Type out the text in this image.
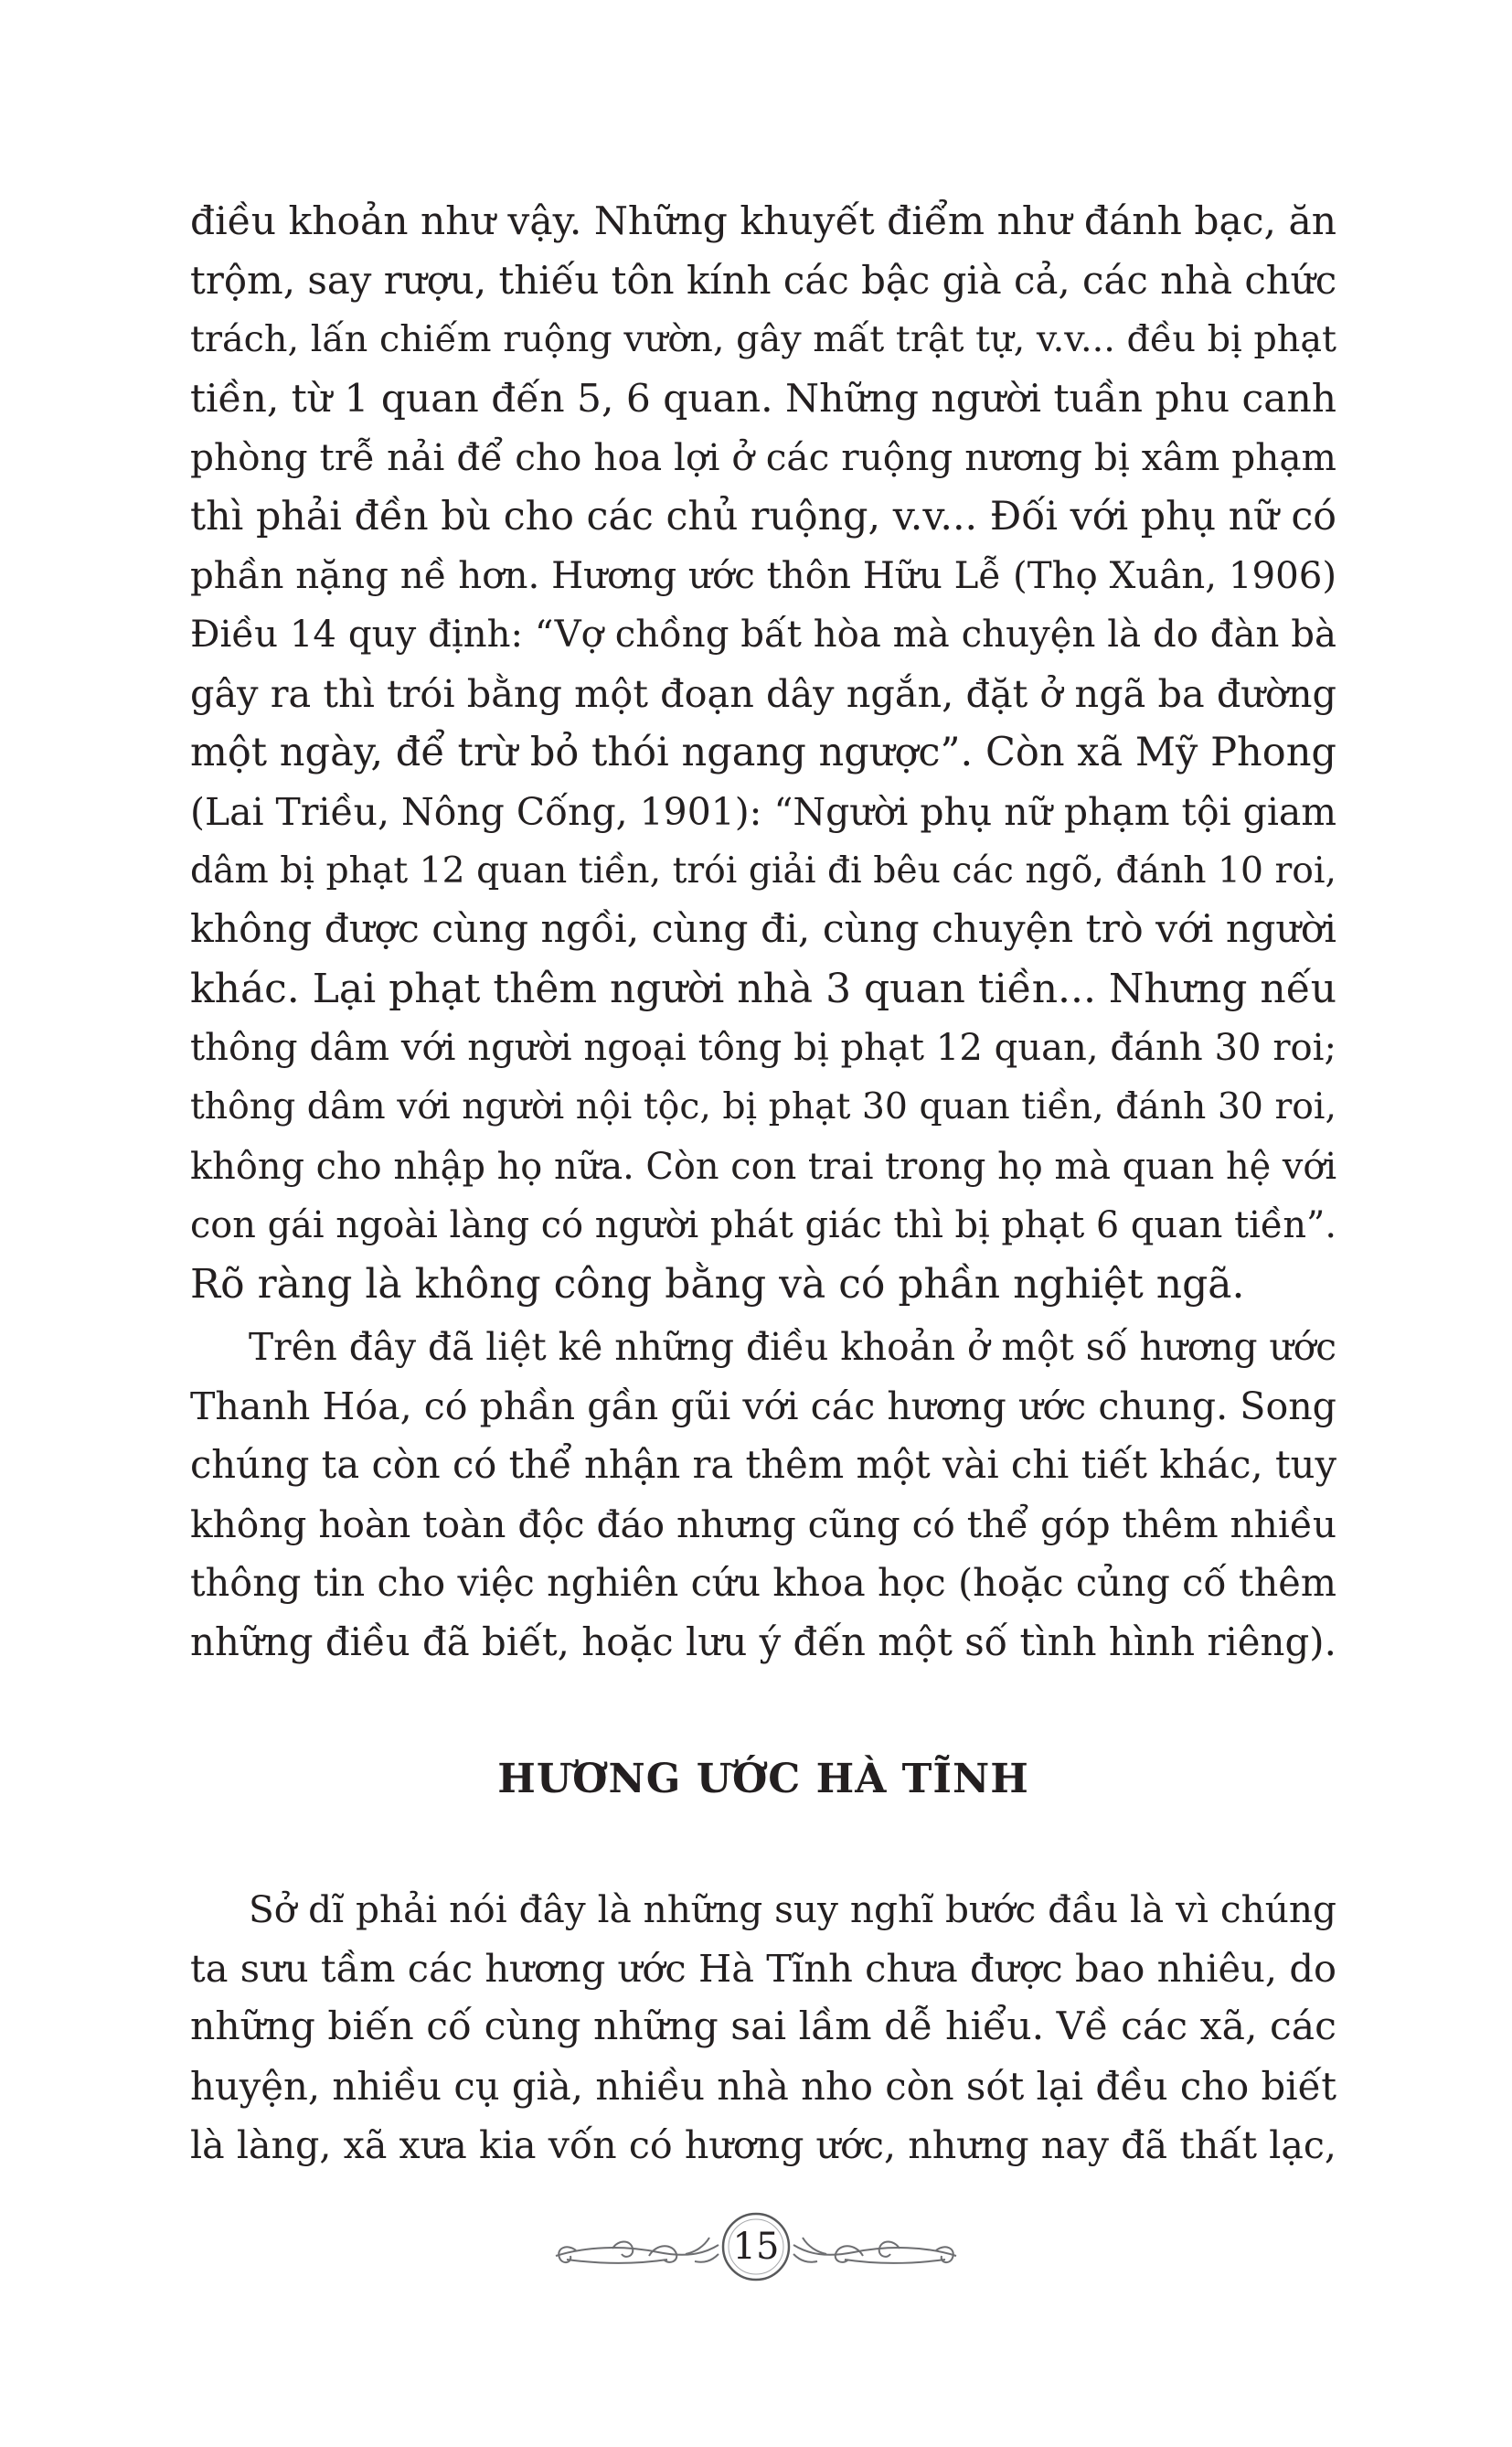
điều khoản như vậy. Những khuyết điểm như đánh bạc, ăn
trộm, say rượu, thiếu tôn kính các bậc già cả, các nhà chức
trách, lấn chiếm ruộng vườn, gây mất trật tự, v.v... đều bị phạt
tiền, từ 1 quan đến 5, 6 quan. Những người tuần phu canh
phòng trễ nải để cho hoa lợi ở các ruộng nương bị xâm phạm
thì phải đền bù cho các chủ ruộng, v.v... Đối với phụ nữ có
phần nặng nề hơn. Hương ước thôn Hữu Lễ (Thọ Xuân, 1906)
Điều 14 quy định: “Vợ chồng bất hòa mà chuyện là do đàn bà
gây ra thì trói bằng một đoạn dây ngắn, đặt ở ngã ba đường
một ngày, để trừ bỏ thói ngang ngược”. Còn xã Mỹ Phong
(Lai Triều, Nông Cống, 1901): “Người phụ nữ phạm tội giam
dâm bị phạt 12 quan tiền, trói giải đi bêu các ngõ, đánh 10 roi,
không được cùng ngồi, cùng đi, cùng chuyện trò với người
khác. Lại phạt thêm người nhà 3 quan tiền... Nhưng nếu
thông dâm với người ngoại tông bị phạt 12 quan, đánh 30 roi;
thông dâm với người nội tộc, bị phạt 30 quan tiền, đánh 30 roi,
không cho nhập họ nữa. Còn con trai trong họ mà quan hệ với
con gái ngoài làng có người phát giác thì bị phạt 6 quan tiền”.
Rõ ràng là không công bằng và có phần nghiệt ngã.
Trên đây đã liệt kê những điều khoản ở một số hương ước
Thanh Hóa, có phần gần gũi với các hương ước chung. Song
chúng ta còn có thể nhận ra thêm một vài chi tiết khác, tuy
không hoàn toàn độc đáo nhưng cũng có thể góp thêm nhiều
thông tin cho việc nghiên cứu khoa học (hoặc củng cố thêm
những điều đã biết, hoặc lưu ý đến một số tình hình riêng).
HƯƠNG ƯỚC HÀ TĨNH
Sở dĩ phải nói đây là những suy nghĩ bước đầu là vì chúng
ta sưu tầm các hương ước Hà Tĩnh chưa được bao nhiêu, do
những biến cố cùng những sai lầm dễ hiểu. Về các xã, các
huyện, nhiều cụ già, nhiều nhà nho còn sót lại đều cho biết
là làng, xã xưa kia vốn có hương ước, nhưng nay đã thất lạc,
15
